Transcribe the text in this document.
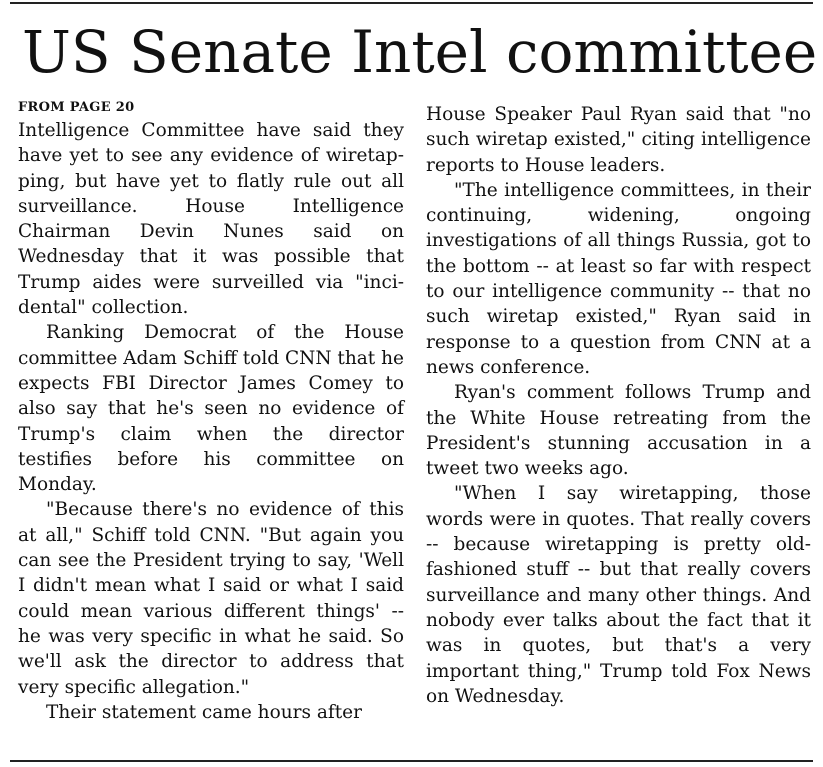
US Senate Intel committee
FROM PAGE 20

Intelligence Committee have said they have yet to see any evidence of wiretapping, but have yet to flatly rule out all surveillance. House Intelligence Chairman Devin Nunes said on Wednesday that it was possible that Trump aides were surveilled via "incidental" collection.

Ranking Democrat of the House committee Adam Schiff told CNN that he expects FBI Director James Comey to also say that he's seen no evidence of Trump's claim when the director testifies before his committee on Monday.

"Because there's no evidence of this at all," Schiff told CNN. "But again you can see the President trying to say, 'Well I didn't mean what I said or what I said could mean various different things' -- he was very specific in what he said. So we'll ask the director to address that very specific allegation."

Their statement came hours after

House Speaker Paul Ryan said that "no such wiretap existed," citing intelligence reports to House leaders.

"The intelligence committees, in their continuing, widening, ongoing investigations of all things Russia, got to the bottom -- at least so far with respect to our intelligence community -- that no such wiretap existed," Ryan said in response to a question from CNN at a news conference.

Ryan's comment follows Trump and the White House retreating from the President's stunning accusation in a tweet two weeks ago.

"When I say wiretapping, those words were in quotes. That really covers -- because wiretapping is pretty old-fashioned stuff -- but that really covers surveillance and many other things. And nobody ever talks about the fact that it was in quotes, but that's a very important thing," Trump told Fox News on Wednesday.
